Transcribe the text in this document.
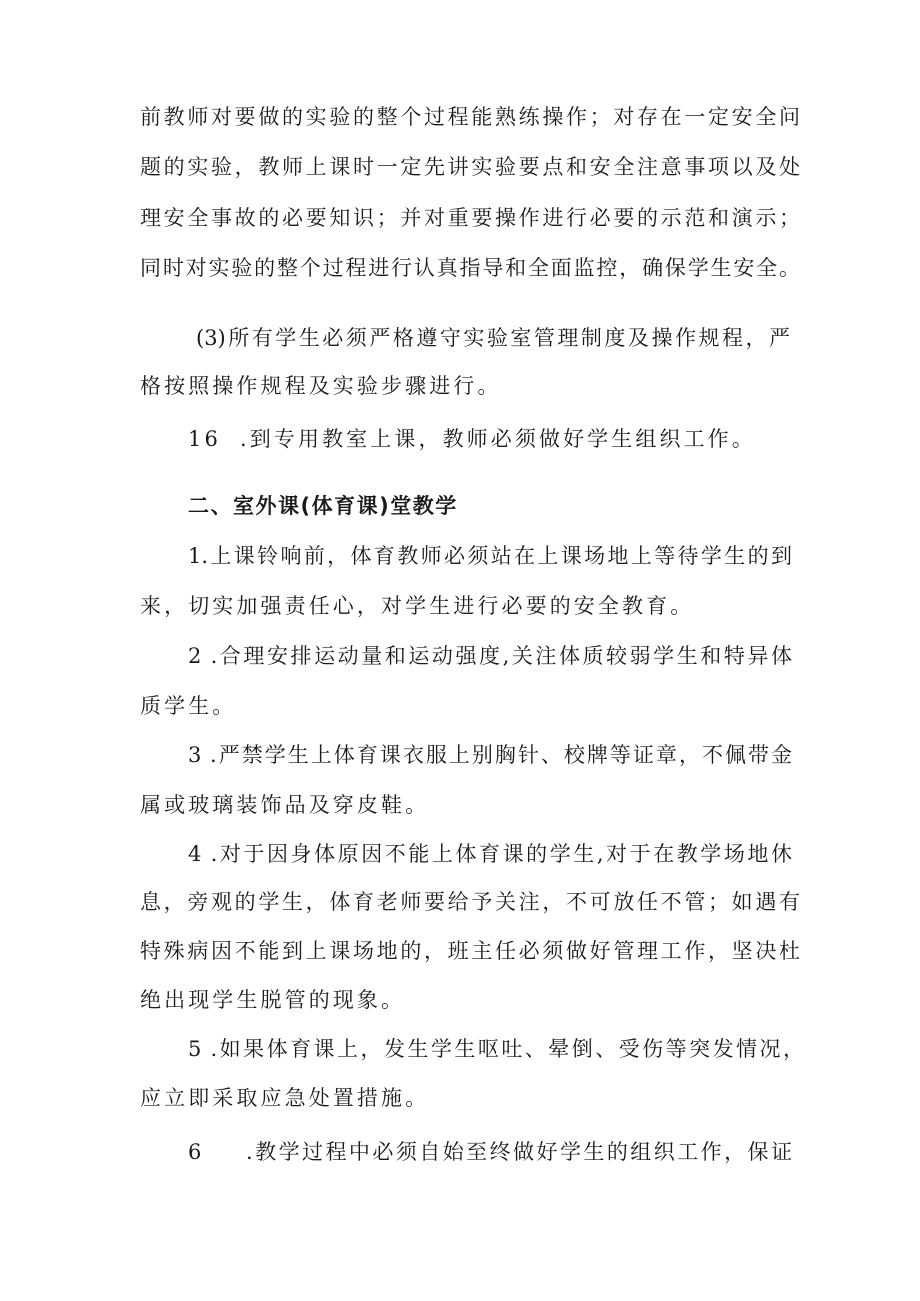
前教师对要做的实验的整个过程能熟练操作；对存在一定安全问
题的实验，教师上课时一定先讲实验要点和安全注意事项以及处
理安全事故的必要知识；并对重要操作进行必要的示范和演示；
同时对实验的整个过程进行认真指导和全面监控，确保学生安全。
(3)所有学生必须严格遵守实验室管理制度及操作规程，严
格按照操作规程及实验步骤进行。
16 .到专用教室上课，教师必须做好学生组织工作。
二、室外课(体育课)堂教学
1.上课铃响前，体育教师必须站在上课场地上等待学生的到
来，切实加强责任心，对学生进行必要的安全教育。
2 .合理安排运动量和运动强度,关注体质较弱学生和特异体
质学生。
3 .严禁学生上体育课衣服上别胸针、校牌等证章，不佩带金
属或玻璃装饰品及穿皮鞋。
4 .对于因身体原因不能上体育课的学生,对于在教学场地休
息，旁观的学生，体育老师要给予关注，不可放任不管；如遇有
特殊病因不能到上课场地的，班主任必须做好管理工作，坚决杜
绝出现学生脱管的现象。
5 .如果体育课上，发生学生呕吐、晕倒、受伤等突发情况，
应立即采取应急处置措施。
6 .教学过程中必须自始至终做好学生的组织工作，保证
